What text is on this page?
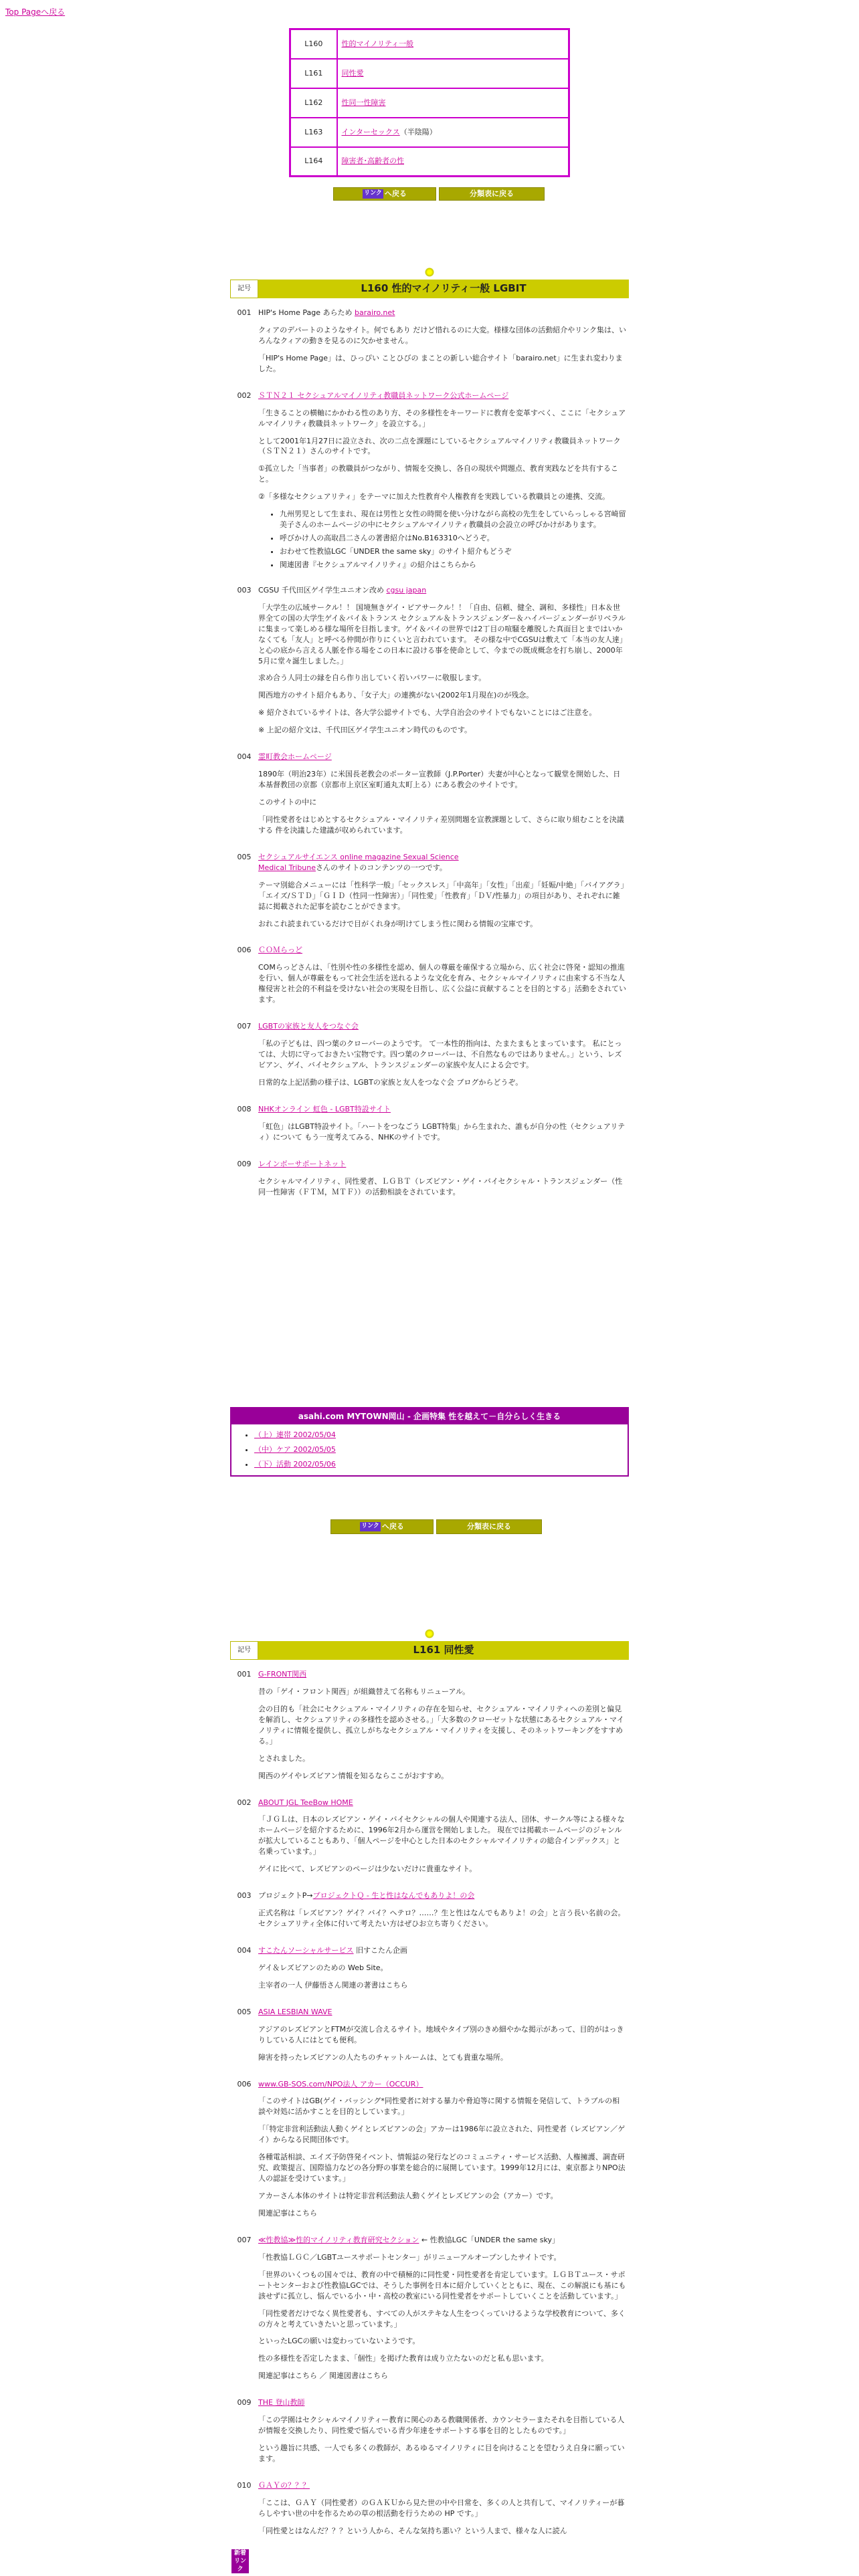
Top Pageへ戻る
L160	性的マイノリティ一般
L161	同性愛
L162	性同一性障害
L163	インターセックス（半陰陽）
L164	障害者･高齢者の性
リンク へ戻る	分類表に戻る
記号	L160 性的マイノリティ一般 LGBIT
001 HIP's Home Page あらため barairo.net

クィアのデパートのようなサイト。何でもあり だけど惜れるのに大変。様様な団体の活動紹介やリンク集は、いろんなクィアの動きを見るのに欠かせません。

「HIP's Home Page」は、ひっぴい ことひびの まことの新しい総合サイト「barairo.net」に生まれ変わりました。

002 ＳＴＮ２１ セクシュアルマイノリティ教職員ネットワーク公式ホームページ

「生きることの横軸にかかわる性のあり方、その多様性をキーワードに教育を変革すべく、ここに「セクシュアルマイノリティ教職員ネットワーク」を設立する。」

として2001年1月27日に設立され、次の二点を課題にしているセクシュアルマイノリティ教職員ネットワーク（ＳＴＮ２１）さんのサイトです。

①孤立した「当事者」の教職員がつながり、情報を交換し、各自の現状や問題点、教育実践などを共有すること。

②「多様なセクシュアリティ」をテーマに加えた性教育や人権教育を実践している教職員との連携、交流。

• 九州男児として生まれ、現在は男性と女性の時間を使い分けながら高校の先生をしていらっしゃる宮崎留美子さんのホームページの中にセクシュアルマイノリティ教職員の会設立の呼びかけがあります。
• 呼びかけ人の高取昌二さんの著書紹介はNo.B163310へどうぞ。
• おわせて性教協LGC「UNDER the same sky」のサイト紹介もどうぞ
• 関連図書『セクシュアルマイノリティ』の紹介はこちらから
003 CGSU 千代田区ゲイ学生ユニオン改め cgsu japan

「大学生の広域サークル！！ 国境無きゲイ・ピアサークル！！「自由、信頼、健全、調和、多様性」日本＆世界全ての国の大学生ゲイ＆バイ＆トランス セクシュアル＆トランスジェンダー＆ハイパージェンダーがリベラルに集まって楽しめる様な場所を目指します。ゲイ＆バイの世界では2丁目の喧騒を離脱した真面目とまではいかなくても「友人」と呼べる仲間が作りにくいと言われています。 その様な中でCGSUは敷えて「本当の友人達」と心の底から言える人脈を作る場をこの日本に設ける事を使命として、今までの既成概念を打ち崩し、2000年5月に堂々誕生しました。」

求め合う人同士の縁を自ら作り出していく若いパワーに敬服します。

関西地方のサイト紹介もあり、「女子大」の連携がない(2002年1月現在)のが残念。

※ 紹介されているサイトは、各大学公認サイトでも、大学自治会のサイトでもないことにはご注意を。

※ 上記の紹介文は、千代田区ゲイ学生ユニオン時代のものです。

004 霊町教会ホームページ

1890年（明治23年）に米国長老教会のポーター宣教師（J.P.Porter）夫妻が中心となって観堂を開始した、日本基督教団の京都（京都市上京区室町通丸太町上る）にある教会のサイトです。

このサイトの中に

「同性愛者をはじめとするセクシュアル・マイノリティ差別問題を宣教課題として、さらに取り組むことを決議する 件を決議した建議が収められています。

005 セクシュアルサイエンス online magazine Sexual Science
Medical Tribuneさんのサイトのコンテンツの一つです。

テーマ別総合メニューには「性科学一般」「セックスレス」「中高年」「女性」「出産」「妊娠/中絶」「バイアグラ」「エイズ/ＳＴＤ」「ＧＩＤ（性同一性障害）」「同性愛」「性教育」「ＤＶ/性暴力」の項目があり、それぞれに雑誌に掲載された記事を読むことができます。

おれこれ読まれているだけで目がくれ身が明けてしまう性に関わる情報の宝庫です。

006 ＣＯＭらっど

COMらっどさんは、「性別や性の多様性を認め、個人の尊厳を確保する立場から、広く社会に啓発・認知の推進を行い、個人が尊厳をもって社会生活を送れるような文化を育み、セクシャルマイノリティに由来する不当な人権侵害と社会的不利益を受けない社会の実現を目指し、広く公益に貢献することを目的とする」活動をされています。

007 LGBTの家族と友人をつなぐ会

「私の子どもは、四つ葉のクローバーのようです。 て一本性的指向は、たまたまもとまっています。 私にとっては、大切に守っておきたい宝物です。四つ葉のクローバーは、不自然なものではありません。」という、レズビアン、ゲイ、バイセクシュアル、トランスジェンダーの家族や友人による会です。

日常的な上記活動の様子は、LGBTの家族と友人をつなぐ会 ブログからどうぞ。

008 NHKオンライン 虹色 - LGBT特設サイト

「虹色」はLGBT特設サイト。「ハートをつなごう LGBT特集」から生まれた、誰もが自分の性（セクシュアリティ）について もう一度考えてみる、NHKのサイトです。

009 レインボーサポートネット

セクシャルマイノリティ、同性愛者、ＬＧＢＴ（レズビアン・ゲイ・バイセクシャル・トランスジェンダー（性同一性障害（ＦＴＭ，ＭＴＦ））の活動相談をされています。

asahi.com MYTOWN岡山 - 企画特集 性を越えて－自分らしく生きる
• （上）連帯 2002/05/04
• （中）ケア 2002/05/05
• （下）活動 2002/05/06
リンク へ戻る	分類表に戻る
記号	L161 同性愛
001 G-FRONT関西

昔の「ゲイ・フロント関西」が組織替えて名称もリニューアル。

会の目的も「社会にセクシュアル・マイノリティの存在を知らせ、セクシュアル・マイノリティへの差別と偏見を解消し、セクシュアリティの多様性を認めさせる。」「大多数のクローゼットな状態にあるセクシュアル・マイノリティに情報を提供し、孤立しがちなセクシュアル・マイノリティを支援し、そのネットワーキングをすすめる。」

とされました。

関西のゲイやレズビアン情報を知るならここがおすすめ。

002 ABOUT JGL TeeBow HOME

「ＪＧＬは、日本のレズビアン・ゲイ・バイセクシャルの個人や関連する法人、団体、サークル等による様々なホームページを紹介するために、1996年2月から運営を開始しました。 現在では掲載ホームページのジャンルが拡大していることもあり、「個人ページを中心とした日本のセクシャルマイノリティの総合インデックス」と名乗っています。」

ゲイに比べて、レズビアンのページは少ないだけに貴重なサイト。

003 プロジェクトP→プロジェクトＱ - 生と性はなんでもありよ！の会

正式名称は「レズビアン？ゲイ？バイ？ヘテロ？……？生と性はなんでもありよ！の会」と言う長い名前の会。セクシュアリティ全体に付いて考えたい方はぜひお立ち寄りください。

004 すこたんソーシャルサービス 旧すこたん企画

ゲイ＆レズビアンのための Web Site。

主宰者の一人 伊藤悟さん関連の著書はこちら

005 ASIA LESBIAN WAVE

アジアのレズビアンとFTMが交流し合えるサイト。地域やタイプ別のきめ細やかな掲示があって、目的がはっきりしている人にはとても便利。

障害を持ったレズビアンの人たちのチャットルームは、とても貴重な場所。

006 www.GB-SOS.com/NPO法人 アカー（OCCUR）

「このサイトはGB(ゲイ・バッシング*同性愛者に対する暴力や脅迫等に関する情報を発信して、トラブルの相談や対処に活かすことを目的としています。」

「「特定非営利活動法人動くゲイとレズビアンの会」アカーは1986年に設立された、同性愛者（レズビアン／ゲイ）からなる民間団体です。

各種電話相談、エイズ予防啓発イベント、情報誌の発行などのコミュニティ・サービス活動、人権擁護、調査研究、政策提言、国際協力などの各分野の事業を総合的に展開しています。1999年12月には、東京都よりNPO法人の認証を受けています。」

アカーさん本体のサイトは特定非営利活動法人動くゲイとレズビアンの会（アカー）です。

関連記事はこちら

007 ≪性教協≫性的マイノリティ教育研究セクション ← 性教協LGC「UNDER the same sky」

「性教協ＬＧＣ／LGBTユースサポートセンター」がリニューアルオープンしたサイトです。

「世界のいくつもの国々では、教育の中で積極的に同性愛・同性愛者を肯定しています。ＬＧＢＴユース・サポートセンターおよび性教協LGCでは、そうした事例を日本に紹介していくとともに、現在、この解説にも基にも該せずに孤立し、悩んでいる小・中・高校の教室にいる同性愛者をサポートしていくことを活動しています。」

「同性愛者だけでなく異性愛者も、すべての人がステキな人生をつくっていけるような学校教育について、多くの方々と考えていきたいと思っています。」

といったLGCの願いは変わっていないようです。

性の多様性を否定したまま、「個性」を掲げた教育は成り立たないのだと私も思います。

関連記事はこちら ／ 関連図書はこちら

009 THE 登山教師

「この学園はセクシャルマイノリティー教育に関心のある教職関係者、カウンセラーまたそれを目指している人が情報を交換したり、同性愛で悩んでいる青少年達をサポートする事を目的としたものです。」

という趣旨に共感、一人でも多くの教師が、あるゆるマイノリティに目を向けることを望むうえ自身に願っています。

010 ＧＡＹの？？？

「ここは、ＧＡＹ（同性愛者）のＧＡＫＵから見た世の中や日常を、多くの人と共有して、マイノリティーが暮らしやすい世の中を作るための草の根活動を行うための HP です。」

「同性愛とはなんだ？？？という人から、そんな気持ち悪い？という人まで、様々な人に読ん

新着リンク
